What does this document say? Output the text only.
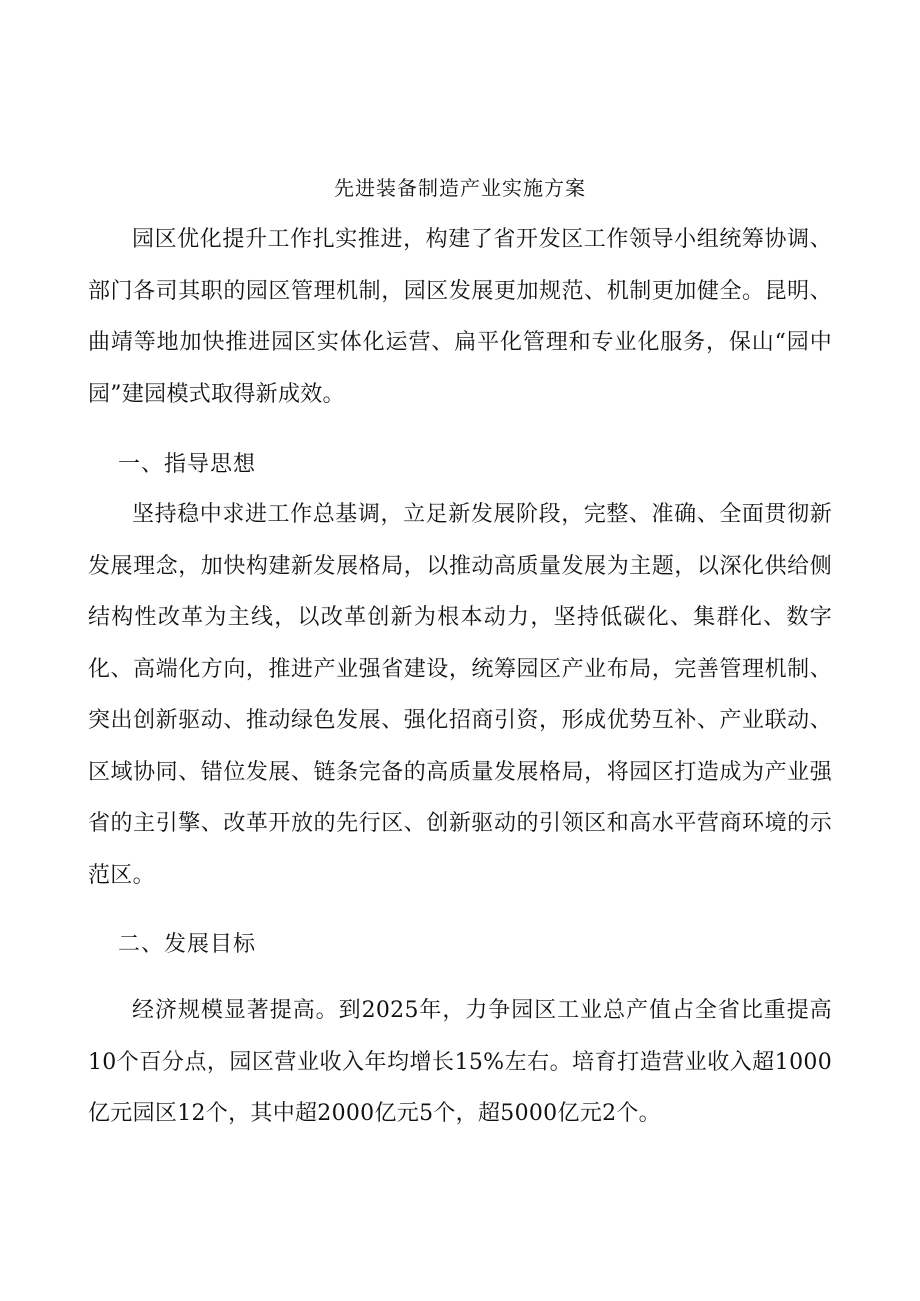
先进装备制造产业实施方案

园区优化提升工作扎实推进，构建了省开发区工作领导小组统筹协调、部门各司其职的园区管理机制，园区发展更加规范、机制更加健全。昆明、曲靖等地加快推进园区实体化运营、扁平化管理和专业化服务，保山“园中园”建园模式取得新成效。

一、指导思想

坚持稳中求进工作总基调，立足新发展阶段，完整、准确、全面贯彻新发展理念，加快构建新发展格局，以推动高质量发展为主题，以深化供给侧结构性改革为主线，以改革创新为根本动力，坚持低碳化、集群化、数字化、高端化方向，推进产业强省建设，统筹园区产业布局，完善管理机制、突出创新驱动、推动绿色发展、强化招商引资，形成优势互补、产业联动、区域协同、错位发展、链条完备的高质量发展格局，将园区打造成为产业强省的主引擎、改革开放的先行区、创新驱动的引领区和高水平营商环境的示范区。

二、发展目标

经济规模显著提高。到2025年，力争园区工业总产值占全省比重提高10个百分点，园区营业收入年均增长15%左右。培育打造营业收入超1000亿元园区12个，其中超2000亿元5个，超5000亿元2个。
